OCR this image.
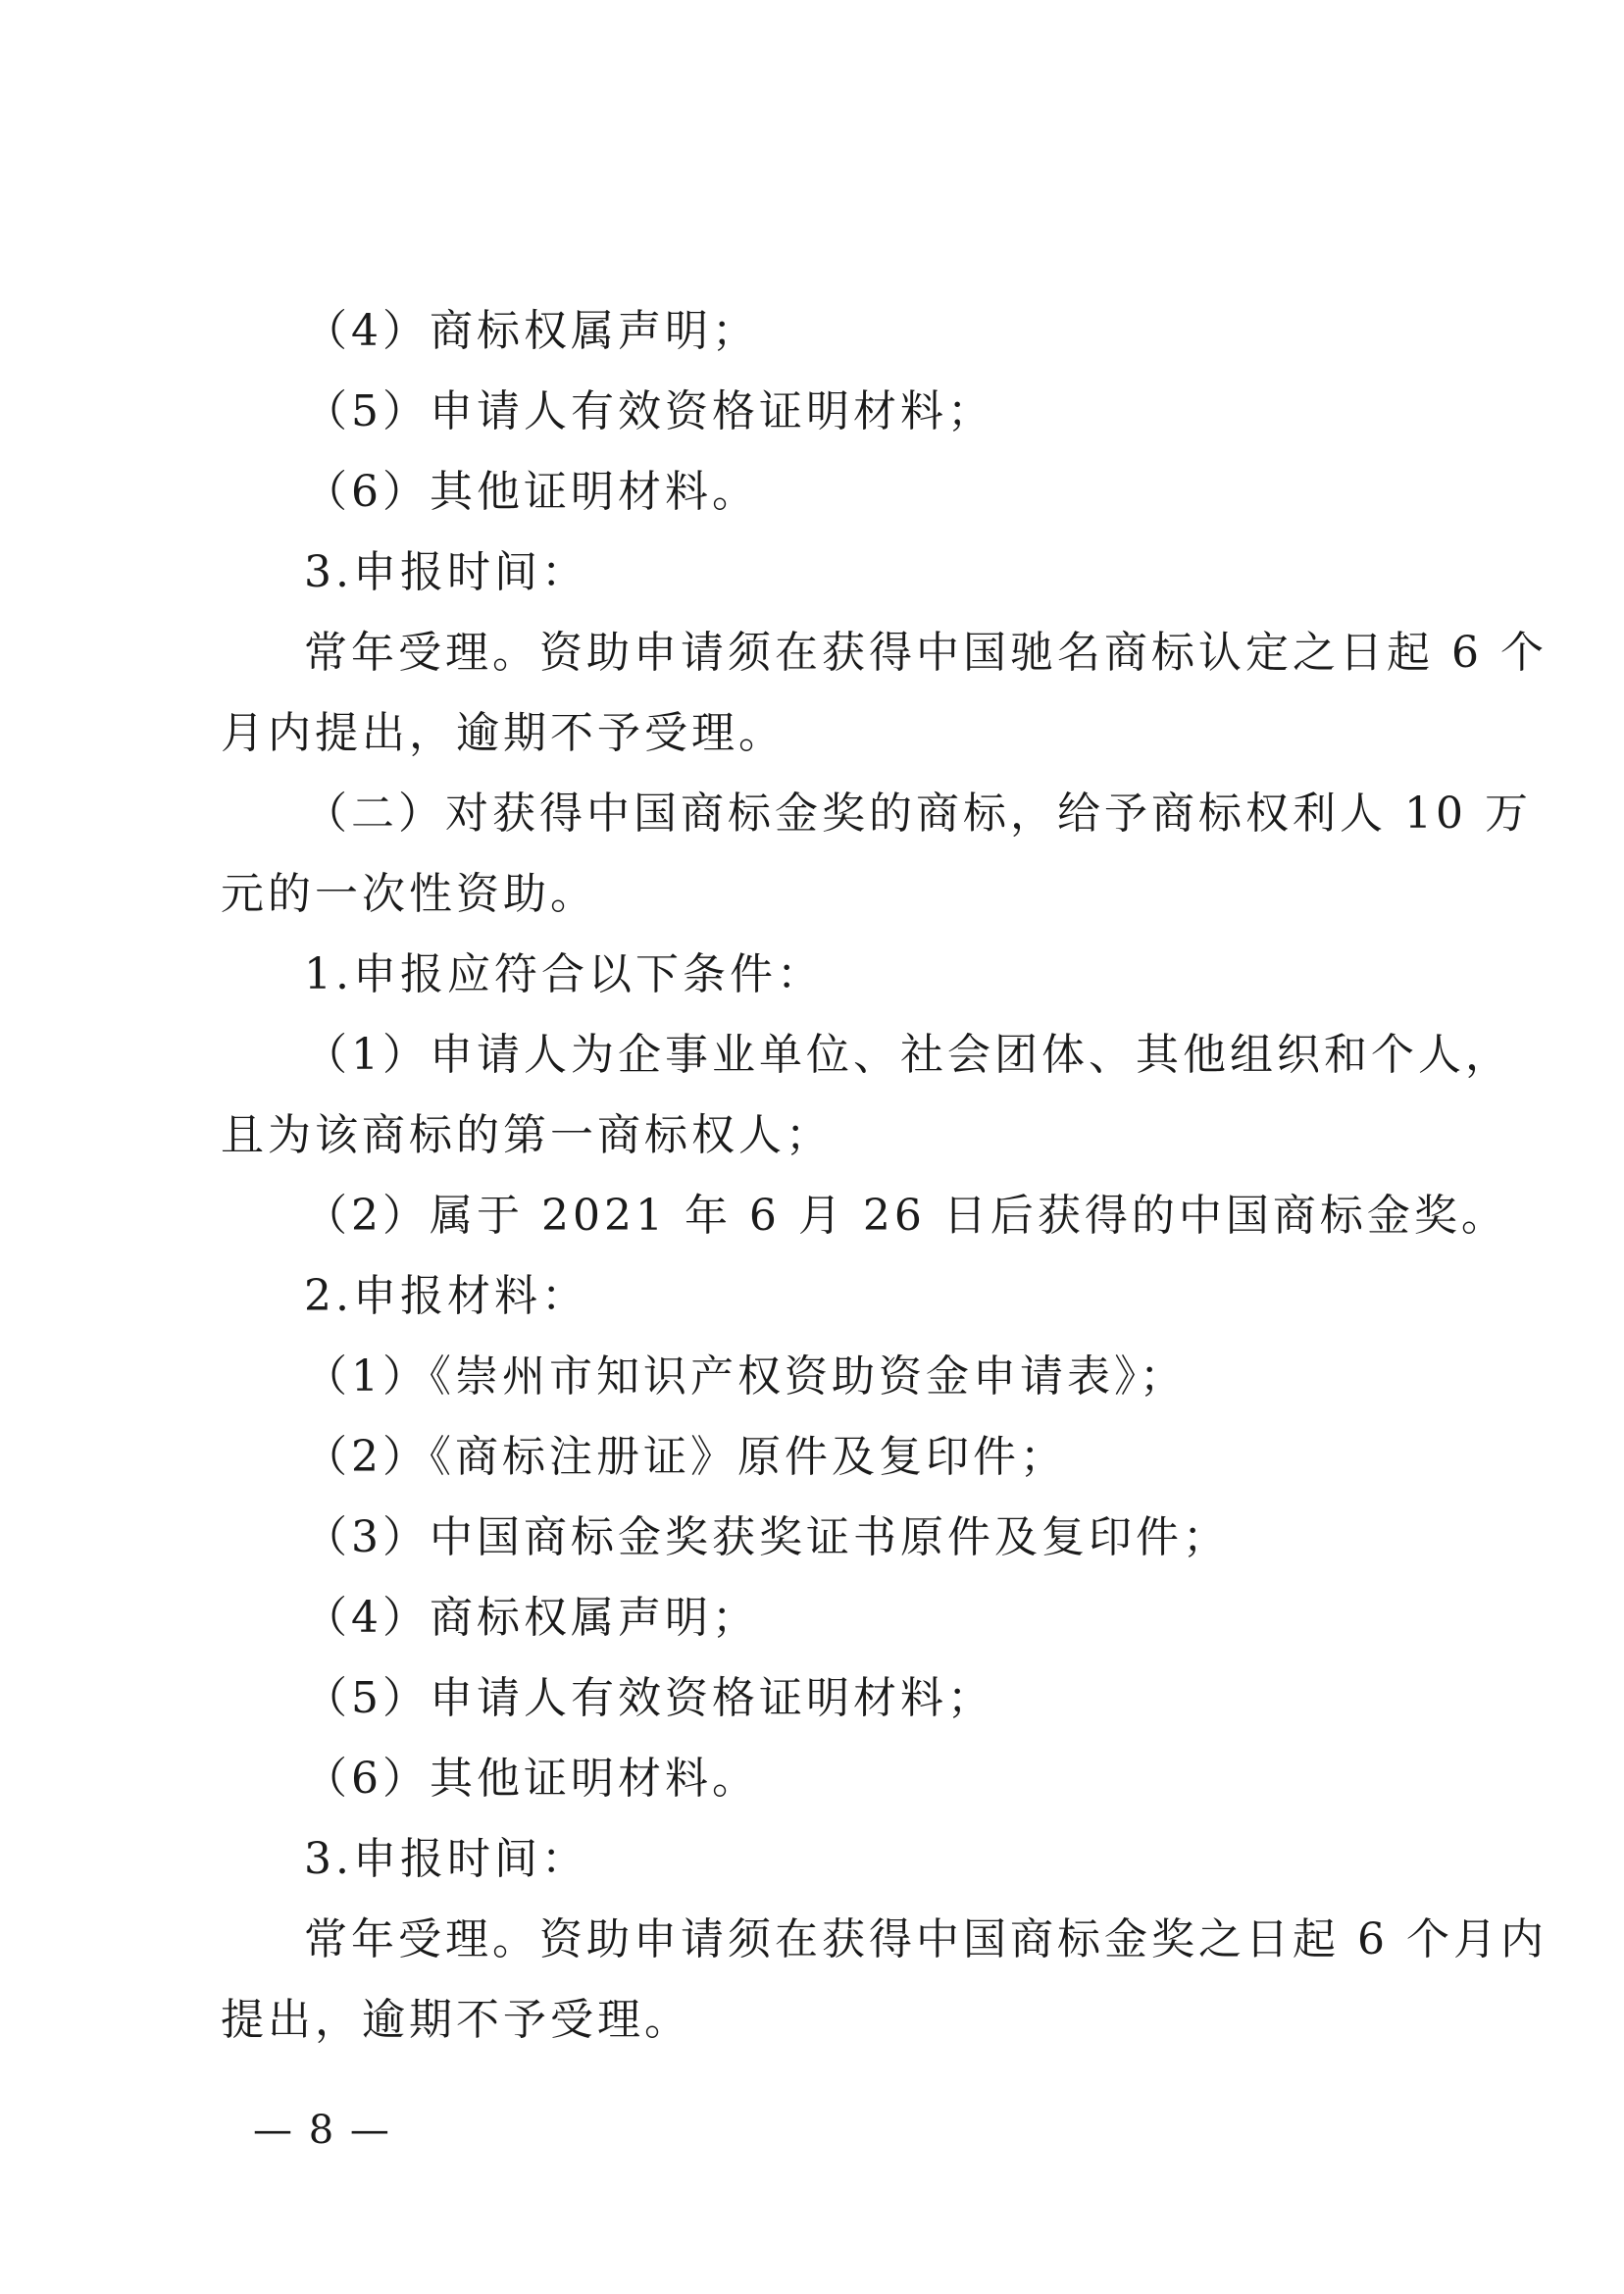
（4）商标权属声明；
（5）申请人有效资格证明材料；
（6）其他证明材料。
3.申报时间：
常年受理。资助申请须在获得中国驰名商标认定之日起 6 个
月内提出，逾期不予受理。
（二）对获得中国商标金奖的商标，给予商标权利人 10 万
元的一次性资助。
1.申报应符合以下条件：
（1）申请人为企事业单位、社会团体、其他组织和个人，
且为该商标的第一商标权人；
（2）属于 2021 年 6 月 26 日后获得的中国商标金奖。
2.申报材料：
（1）《崇州市知识产权资助资金申请表》；
（2）《商标注册证》原件及复印件；
（3）中国商标金奖获奖证书原件及复印件；
（4）商标权属声明；
（5）申请人有效资格证明材料；
（6）其他证明材料。
3.申报时间：
常年受理。资助申请须在获得中国商标金奖之日起 6 个月内
提出，逾期不予受理。
— 8 —
